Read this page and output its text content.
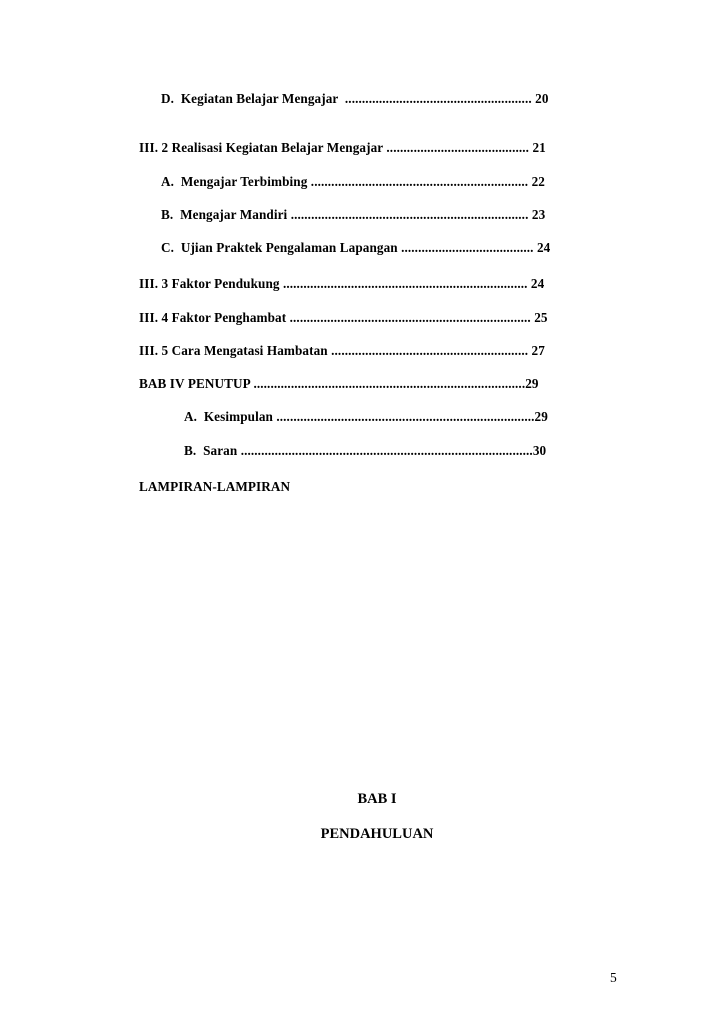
D.  Kegiatan Belajar Mengajar  ....................................................... 20
III. 2 Realisasi Kegiatan Belajar Mengajar .......................................... 21
A.  Mengajar Terbimbing ................................................................ 22
B.  Mengajar Mandiri ...................................................................... 23
C.  Ujian Praktek Pengalaman Lapangan ....................................... 24
III. 3 Faktor Pendukung ........................................................................ 24
III. 4 Faktor Penghambat ....................................................................... 25
III. 5 Cara Mengatasi Hambatan .......................................................... 27
BAB IV PENUTUP ................................................................................29
A.  Kesimpulan ............................................................................29
B.  Saran ......................................................................................30
LAMPIRAN-LAMPIRAN
BAB I
PENDAHULUAN
5
